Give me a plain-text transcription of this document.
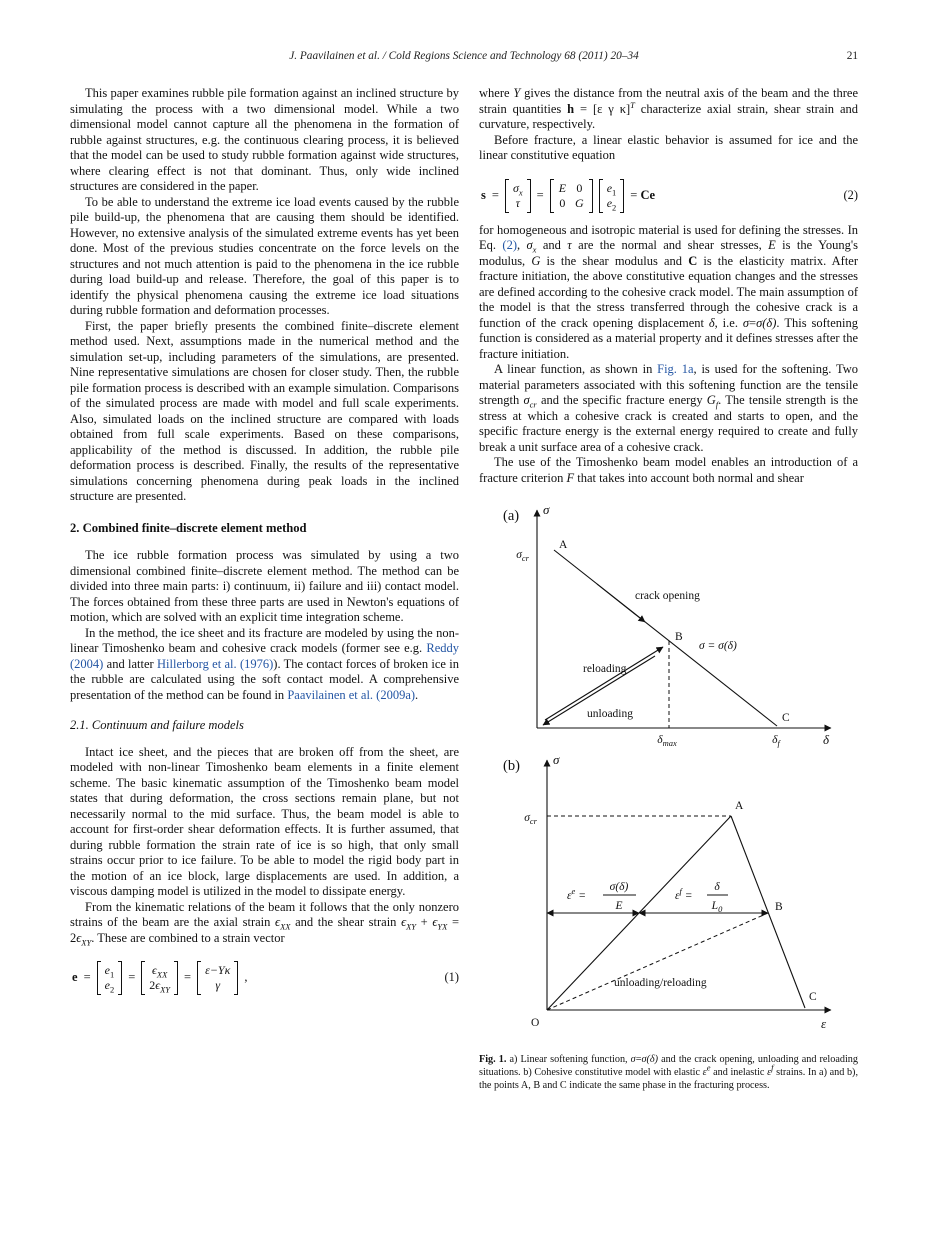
J. Paavilainen et al. / Cold Regions Science and Technology 68 (2011) 20–34	21

This paper examines rubble pile formation against an inclined structure by simulating the process with a two dimensional model. While a two dimensional model cannot capture all the phenomena in the formation of rubble against structures, e.g. the continuous clearing process, it is believed that the model can be used to study rubble formation against wide structures, where clearing effect is not that dominant. Thus, only wide inclined structures are considered in the paper.

To be able to understand the extreme ice load events caused by the rubble pile build-up, the phenomena that are causing them should be identified. However, no extensive analysis of the simulated extreme events has yet been done. Most of the previous studies concentrate on the force levels on the structures and not much attention is paid to the phenomena in the ice rubble during load build-up and release. Therefore, the goal of this paper is to identify the physical phenomena causing the extreme ice load situations during rubble formation and deformation processes.

First, the paper briefly presents the combined finite–discrete element method used. Next, assumptions made in the numerical method and the simulation set-up, including parameters of the simulations, are presented. Nine representative simulations are chosen for closer study. Then, the rubble pile formation process is described with an example simulation. Comparisons of the simulated process are made with model and full scale experiments. Also, simulated loads on the inclined structure are compared with loads obtained from full scale experiments. Based on these comparisons, applicability of the method is discussed. In addition, the rubble pile deformation process is described. Finally, the results of the representative simulations concerning phenomena during peak loads in the inclined structure are presented.

2. Combined finite–discrete element method

The ice rubble formation process was simulated by using a two dimensional combined finite–discrete element method. The method can be divided into three main parts: i) continuum, ii) failure and iii) contact model. The forces obtained from these three parts are used in Newton's equations of motion, which are solved with an explicit time integration scheme.

In the method, the ice sheet and its fracture are modeled by using the non-linear Timoshenko beam and cohesive crack models (former see e.g. Reddy (2004) and latter Hillerborg et al. (1976)). The contact forces of broken ice in the rubble are calculated using the soft contact model. A comprehensive presentation of the method can be found in Paavilainen et al. (2009a).

2.1. Continuum and failure models

Intact ice sheet, and the pieces that are broken off from the sheet, are modeled with non-linear Timoshenko beam elements in a finite element scheme. The basic kinematic assumption of the Timoshenko beam model states that during deformation, the cross sections remain plane, but not necessarily normal to the mid surface. Thus, the beam model is able to account for first-order shear deformation effects. It is further assumed, that during rubble formation the strain rate of ice is so high, that only small strains occur prior to ice failure. To be able to model the rigid body part in the motion of an ice block, large displacements are used. In addition, a viscous damping model is utilized in the model to dissipate energy.

From the kinematic relations of the beam it follows that the only nonzero strains of the beam are the axial strain $\epsilon_{XX}$ and the shear strain $\epsilon_{XY} + \epsilon_{YX} = 2\epsilon_{XY}$. These are combined to a strain vector

e =
$e_1$
$e_2$
=
$\epsilon_{XX}$
$2\epsilon_{XY}$
=
ε−Yκ
γ
,	(1)

where Y gives the distance from the neutral axis of the beam and the three strain quantities h = [ε γ κ]$^T$ characterize axial strain, shear strain and curvature, respectively.

Before fracture, a linear elastic behavior is assumed for ice and the linear constitutive equation

s =
$\sigma_x$
τ
=
E 0
0 G
$e_1$
$e_2$
= Ce	(2)

for homogeneous and isotropic material is used for defining the stresses. In Eq. (2), $\sigma_x$ and τ are the normal and shear stresses, E is the Young's modulus, G is the shear modulus and C is the elasticity matrix. After fracture initiation, the above constitutive equation changes and the stresses are defined according to the cohesive crack model. The main assumption of the model is that the stress transferred through the cohesive crack is a function of the crack opening displacement δ, i.e. σ=σ(δ). This softening function is considered as a material property and it defines stresses after the fracture initiation.

A linear function, as shown in Fig. 1a, is used for the softening. Two material parameters associated with this softening function are the tensile strength $\sigma_{cr}$ and the specific fracture energy $G_f$. The tensile strength is the stress at which a cohesive crack is created and starts to open, and the specific fracture energy is the external energy required to create and fully break a unit surface area of a cohesive crack.

The use of the Timoshenko beam model enables an introduction of a fracture criterion F that takes into account both normal and shear

(a) σ
$\sigma_{cr}$
A
B
C
crack opening
reloading
unloading
σ = σ(δ)
$\delta_{max}$	$\delta_f$	δ
(b)	σ
$\sigma_{cr}$
A
B
C
O
$\varepsilon^e$ =
σ(δ)
E
$\varepsilon^f$ =
δ
$L_0$
unloading/reloading
ε

Fig. 1. a) Linear softening function, σ=σ(δ) and the crack opening, unloading and reloading situations. b) Cohesive constitutive model with elastic $\varepsilon^e$ and inelastic $\varepsilon^f$ strains. In a) and b), the points A, B and C indicate the same phase in the fracturing process.
